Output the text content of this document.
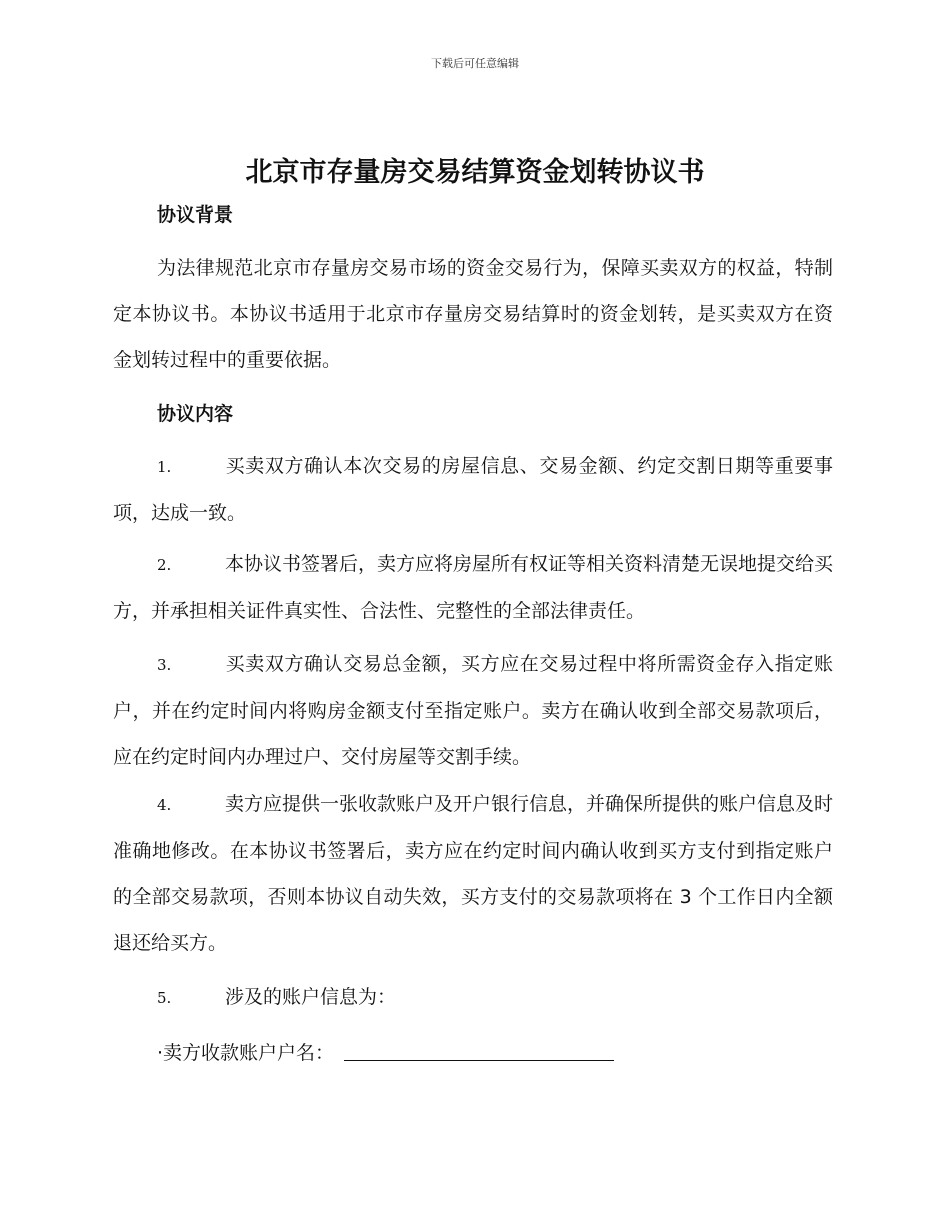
下载后可任意编辑
北京市存量房交易结算资金划转协议书
协议背景

为法律规范北京市存量房交易市场的资金交易行为，保障买卖双方的权益，特制定本协议书。本协议书适用于北京市存量房交易结算时的资金划转，是买卖双方在资金划转过程中的重要依据。

协议内容
1.	买卖双方确认本次交易的房屋信息、交易金额、约定交割日期等重要事项，达成一致。
2.	本协议书签署后，卖方应将房屋所有权证等相关资料清楚无误地提交给买方，并承担相关证件真实性、合法性、完整性的全部法律责任。
3.	买卖双方确认交易总金额，买方应在交易过程中将所需资金存入指定账户，并在约定时间内将购房金额支付至指定账户。卖方在确认收到全部交易款项后，应在约定时间内办理过户、交付房屋等交割手续。
4.	卖方应提供一张收款账户及开户银行信息，并确保所提供的账户信息及时准确地修改。在本协议书签署后，卖方应在约定时间内确认收到买方支付到指定账户的全部交易款项，否则本协议自动失效，买方支付的交易款项将在 3 个工作日内全额退还给买方。
5.	涉及的账户信息为：
·卖方收款账户户名：
